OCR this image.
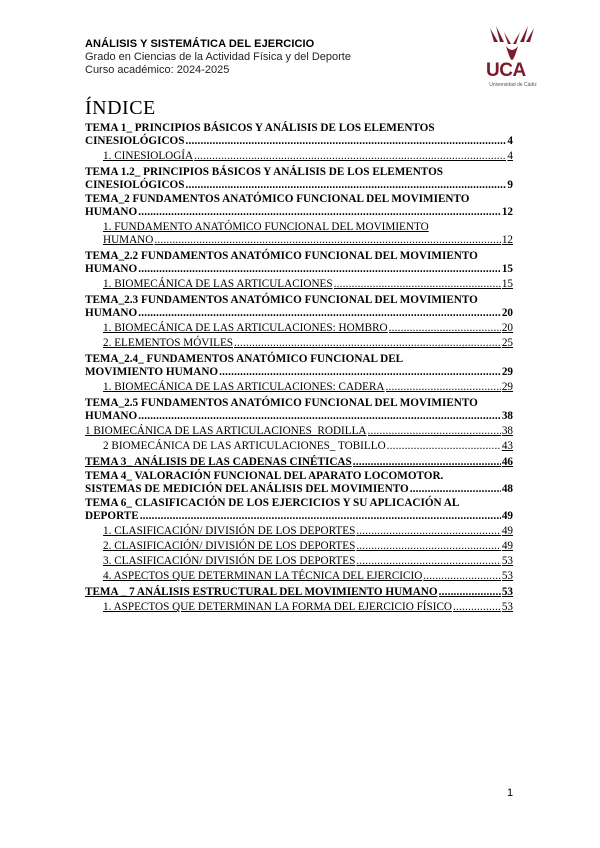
ANÁLISIS Y SISTEMÁTICA DEL EJERCICIO
Grado en Ciencias de la Actividad Física y del Deporte
Curso académico: 2024-2025	UCA
Universidad de Cádiz
ÍNDICE
TEMA 1_ PRINCIPIOS BÁSICOS Y ANÁLISIS DE LOS ELEMENTOS
CINESIOLÓGICOS .....	4
1. CINESIOLOGÍA .....	4
TEMA 1.2_ PRINCIPIOS BÁSICOS Y ANÁLISIS DE LOS ELEMENTOS
CINESIOLÓGICOS .....	9
TEMA_2 FUNDAMENTOS ANATÓMICO FUNCIONAL DEL MOVIMIENTO
HUMANO .....	12
1. FUNDAMENTO ANATÓMICO FUNCIONAL DEL MOVIMIENTO
HUMANO .....	12
TEMA_2.2 FUNDAMENTOS ANATÓMICO FUNCIONAL DEL MOVIMIENTO
HUMANO .....	15
1. BIOMECÁNICA DE LAS ARTICULACIONES .....	15
TEMA_2.3 FUNDAMENTOS ANATÓMICO FUNCIONAL DEL MOVIMIENTO
HUMANO .....	20
1. BIOMECÁNICA DE LAS ARTICULACIONES: HOMBRO .....	20
2. ELEMENTOS MÓVILES .....	25
TEMA_2.4_ FUNDAMENTOS ANATÓMICO FUNCIONAL DEL
MOVIMIENTO HUMANO .....	29
1. BIOMECÁNICA DE LAS ARTICULACIONES: CADERA .....	29
TEMA_2.5 FUNDAMENTOS ANATÓMICO FUNCIONAL DEL MOVIMIENTO
HUMANO .....	38
1 BIOMECÁNICA DE LAS ARTICULACIONES_RODILLA .....	38
2 BIOMECÁNICA DE LAS ARTICULACIONES_ TOBILLO .....	43
TEMA 3_ ANÁLISIS DE LAS CADENAS CINÉTICAS .....	46
TEMA 4_ VALORACIÓN FUNCIONAL DEL APARATO LOCOMOTOR.
SISTEMAS DE MEDICIÓN DEL ANÁLISIS DEL MOVIMIENTO .....	48
TEMA 6_ CLASIFICACIÓN DE LOS EJERCICIOS Y SU APLICACIÓN AL
DEPORTE .....	49
1. CLASIFICACIÓN/ DIVISIÓN DE LOS DEPORTES .....	49
2. CLASIFICACIÓN/ DIVISIÓN DE LOS DEPORTES .....	49
3. CLASIFICACIÓN/ DIVISIÓN DE LOS DEPORTES .....	53
4. ASPECTOS QUE DETERMINAN LA TÉCNICA DEL EJERCICIO .....	53
TEMA _ 7 ANÁLISIS ESTRUCTURAL DEL MOVIMIENTO HUMANO .....	53
1. ASPECTOS QUE DETERMINAN LA FORMA DEL EJERCICIO FÍSICO .....	53
1
